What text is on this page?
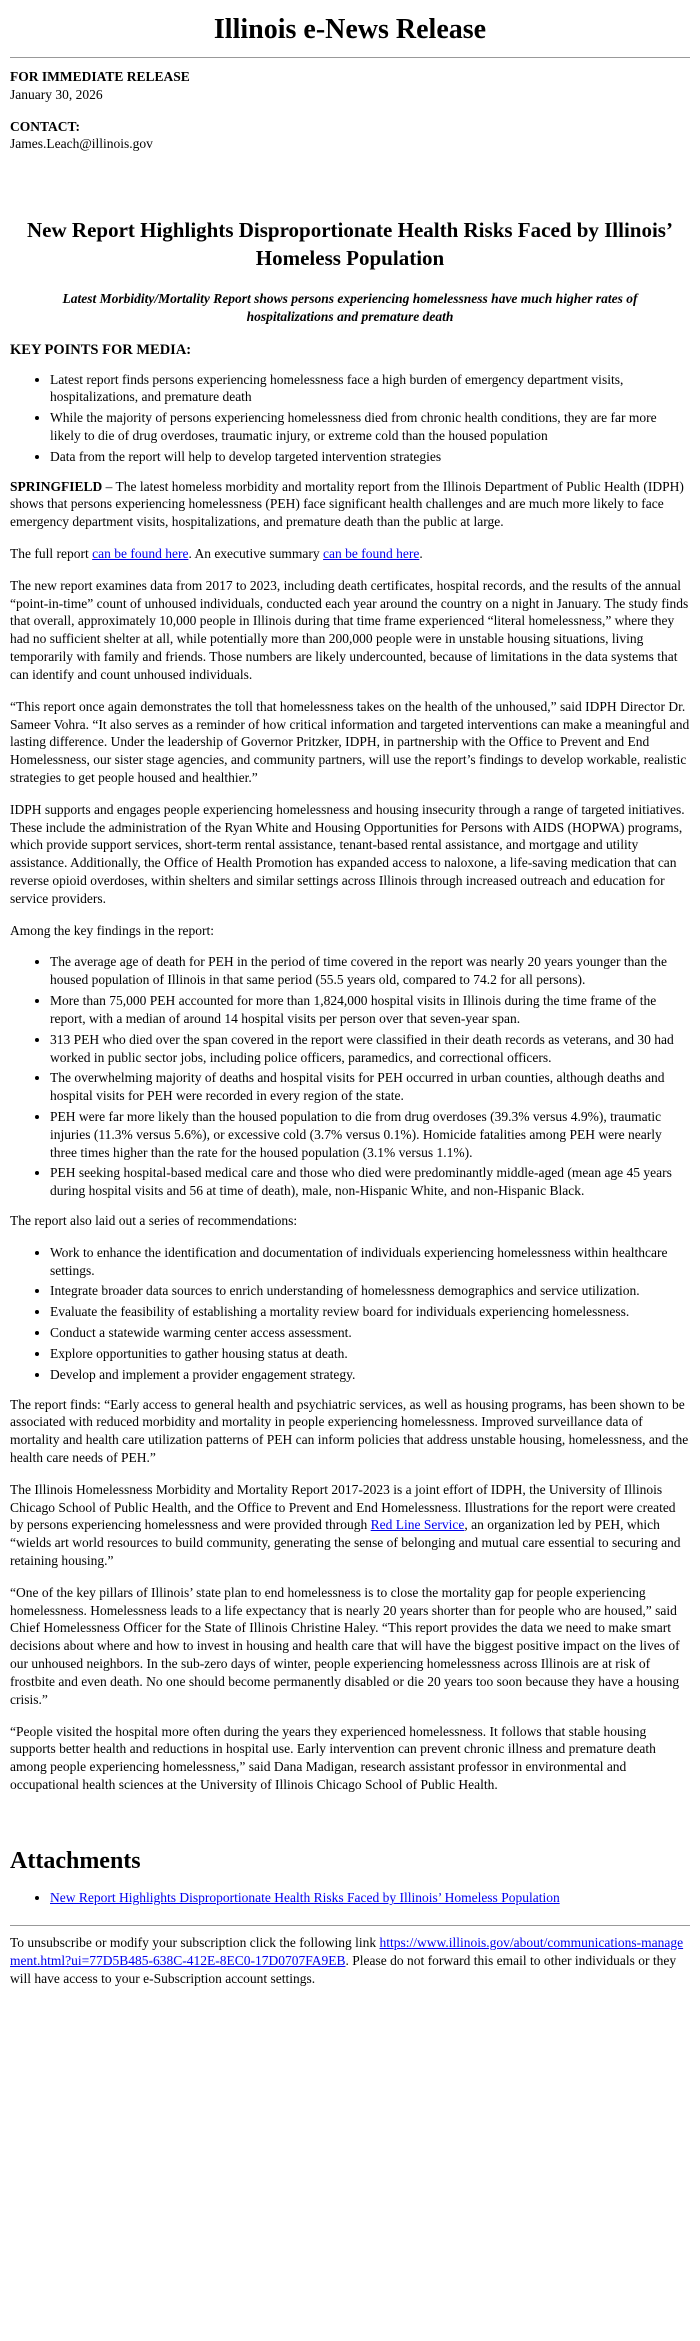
Illinois e-News Release

FOR IMMEDIATE RELEASE

January 30, 2026

CONTACT:

James.Leach@illinois.gov

New Report Highlights Disproportionate Health Risks Faced by Illinois’ Homeless Population
Latest Morbidity/Mortality Report shows persons experiencing homelessness have much higher rates of hospitalizations and premature death
KEY POINTS FOR MEDIA:
• Latest report finds persons experiencing homelessness face a high burden of emergency department visits, hospitalizations, and premature death
• While the majority of persons experiencing homelessness died from chronic health conditions, they are far more likely to die of drug overdoses, traumatic injury, or extreme cold than the housed population
• Data from the report will help to develop targeted intervention strategies

SPRINGFIELD – The latest homeless morbidity and mortality report from the Illinois Department of Public Health (IDPH) shows that persons experiencing homelessness (PEH) face significant health challenges and are much more likely to face emergency department visits, hospitalizations, and premature death than the public at large.

The full report can be found here. An executive summary can be found here.

The new report examines data from 2017 to 2023, including death certificates, hospital records, and the results of the annual “point-in-time” count of unhoused individuals, conducted each year around the country on a night in January. The study finds that overall, approximately 10,000 people in Illinois during that time frame experienced “literal homelessness,” where they had no sufficient shelter at all, while potentially more than 200,000 people were in unstable housing situations, living temporarily with family and friends. Those numbers are likely undercounted, because of limitations in the data systems that can identify and count unhoused individuals.

“This report once again demonstrates the toll that homelessness takes on the health of the unhoused,” said IDPH Director Dr. Sameer Vohra. “It also serves as a reminder of how critical information and targeted interventions can make a meaningful and lasting difference. Under the leadership of Governor Pritzker, IDPH, in partnership with the Office to Prevent and End Homelessness, our sister stage agencies, and community partners, will use the report’s findings to develop workable, realistic strategies to get people housed and healthier.”

IDPH supports and engages people experiencing homelessness and housing insecurity through a range of targeted initiatives. These include the administration of the Ryan White and Housing Opportunities for Persons with AIDS (HOPWA) programs, which provide support services, short-term rental assistance, tenant-based rental assistance, and mortgage and utility assistance. Additionally, the Office of Health Promotion has expanded access to naloxone, a life-saving medication that can reverse opioid overdoses, within shelters and similar settings across Illinois through increased outreach and education for service providers.

Among the key findings in the report:

• The average age of death for PEH in the period of time covered in the report was nearly 20 years younger than the housed population of Illinois in that same period (55.5 years old, compared to 74.2 for all persons).
• More than 75,000 PEH accounted for more than 1,824,000 hospital visits in Illinois during the time frame of the report, with a median of around 14 hospital visits per person over that seven-year span.
• 313 PEH who died over the span covered in the report were classified in their death records as veterans, and 30 had worked in public sector jobs, including police officers, paramedics, and correctional officers.
• The overwhelming majority of deaths and hospital visits for PEH occurred in urban counties, although deaths and hospital visits for PEH were recorded in every region of the state.
• PEH were far more likely than the housed population to die from drug overdoses (39.3% versus 4.9%), traumatic injuries (11.3% versus 5.6%), or excessive cold (3.7% versus 0.1%). Homicide fatalities among PEH were nearly three times higher than the rate for the housed population (3.1% versus 1.1%).
• PEH seeking hospital-based medical care and those who died were predominantly middle-aged (mean age 45 years during hospital visits and 56 at time of death), male, non-Hispanic White, and non-Hispanic Black.

The report also laid out a series of recommendations:

• Work to enhance the identification and documentation of individuals experiencing homelessness within healthcare settings.
• Integrate broader data sources to enrich understanding of homelessness demographics and service utilization.
• Evaluate the feasibility of establishing a mortality review board for individuals experiencing homelessness.
• Conduct a statewide warming center access assessment.
• Explore opportunities to gather housing status at death.
• Develop and implement a provider engagement strategy.

The report finds: “Early access to general health and psychiatric services, as well as housing programs, has been shown to be associated with reduced morbidity and mortality in people experiencing homelessness. Improved surveillance data of mortality and health care utilization patterns of PEH can inform policies that address unstable housing, homelessness, and the health care needs of PEH.”

The Illinois Homelessness Morbidity and Mortality Report 2017-2023 is a joint effort of IDPH, the University of Illinois Chicago School of Public Health, and the Office to Prevent and End Homelessness. Illustrations for the report were created by persons experiencing homelessness and were provided through Red Line Service, an organization led by PEH, which “wields art world resources to build community, generating the sense of belonging and mutual care essential to securing and retaining housing.”

“One of the key pillars of Illinois’ state plan to end homelessness is to close the mortality gap for people experiencing homelessness. Homelessness leads to a life expectancy that is nearly 20 years shorter than for people who are housed,” said Chief Homelessness Officer for the State of Illinois Christine Haley. “This report provides the data we need to make smart decisions about where and how to invest in housing and health care that will have the biggest positive impact on the lives of our unhoused neighbors. In the sub-zero days of winter, people experiencing homelessness across Illinois are at risk of frostbite and even death. No one should become permanently disabled or die 20 years too soon because they have a housing crisis.”

“People visited the hospital more often during the years they experienced homelessness. It follows that stable housing supports better health and reductions in hospital use. Early intervention can prevent chronic illness and premature death among people experiencing homelessness,” said Dana Madigan, research assistant professor in environmental and occupational health sciences at the University of Illinois Chicago School of Public Health.

Attachments
• New Report Highlights Disproportionate Health Risks Faced by Illinois’ Homeless Population

To unsubscribe or modify your subscription click the following link https://www.illinois.gov/about/communications-management.html?ui=77D5B485-638C-412E-8EC0-17D0707FA9EB. Please do not forward this email to other individuals or they will have access to your e-Subscription account settings.
